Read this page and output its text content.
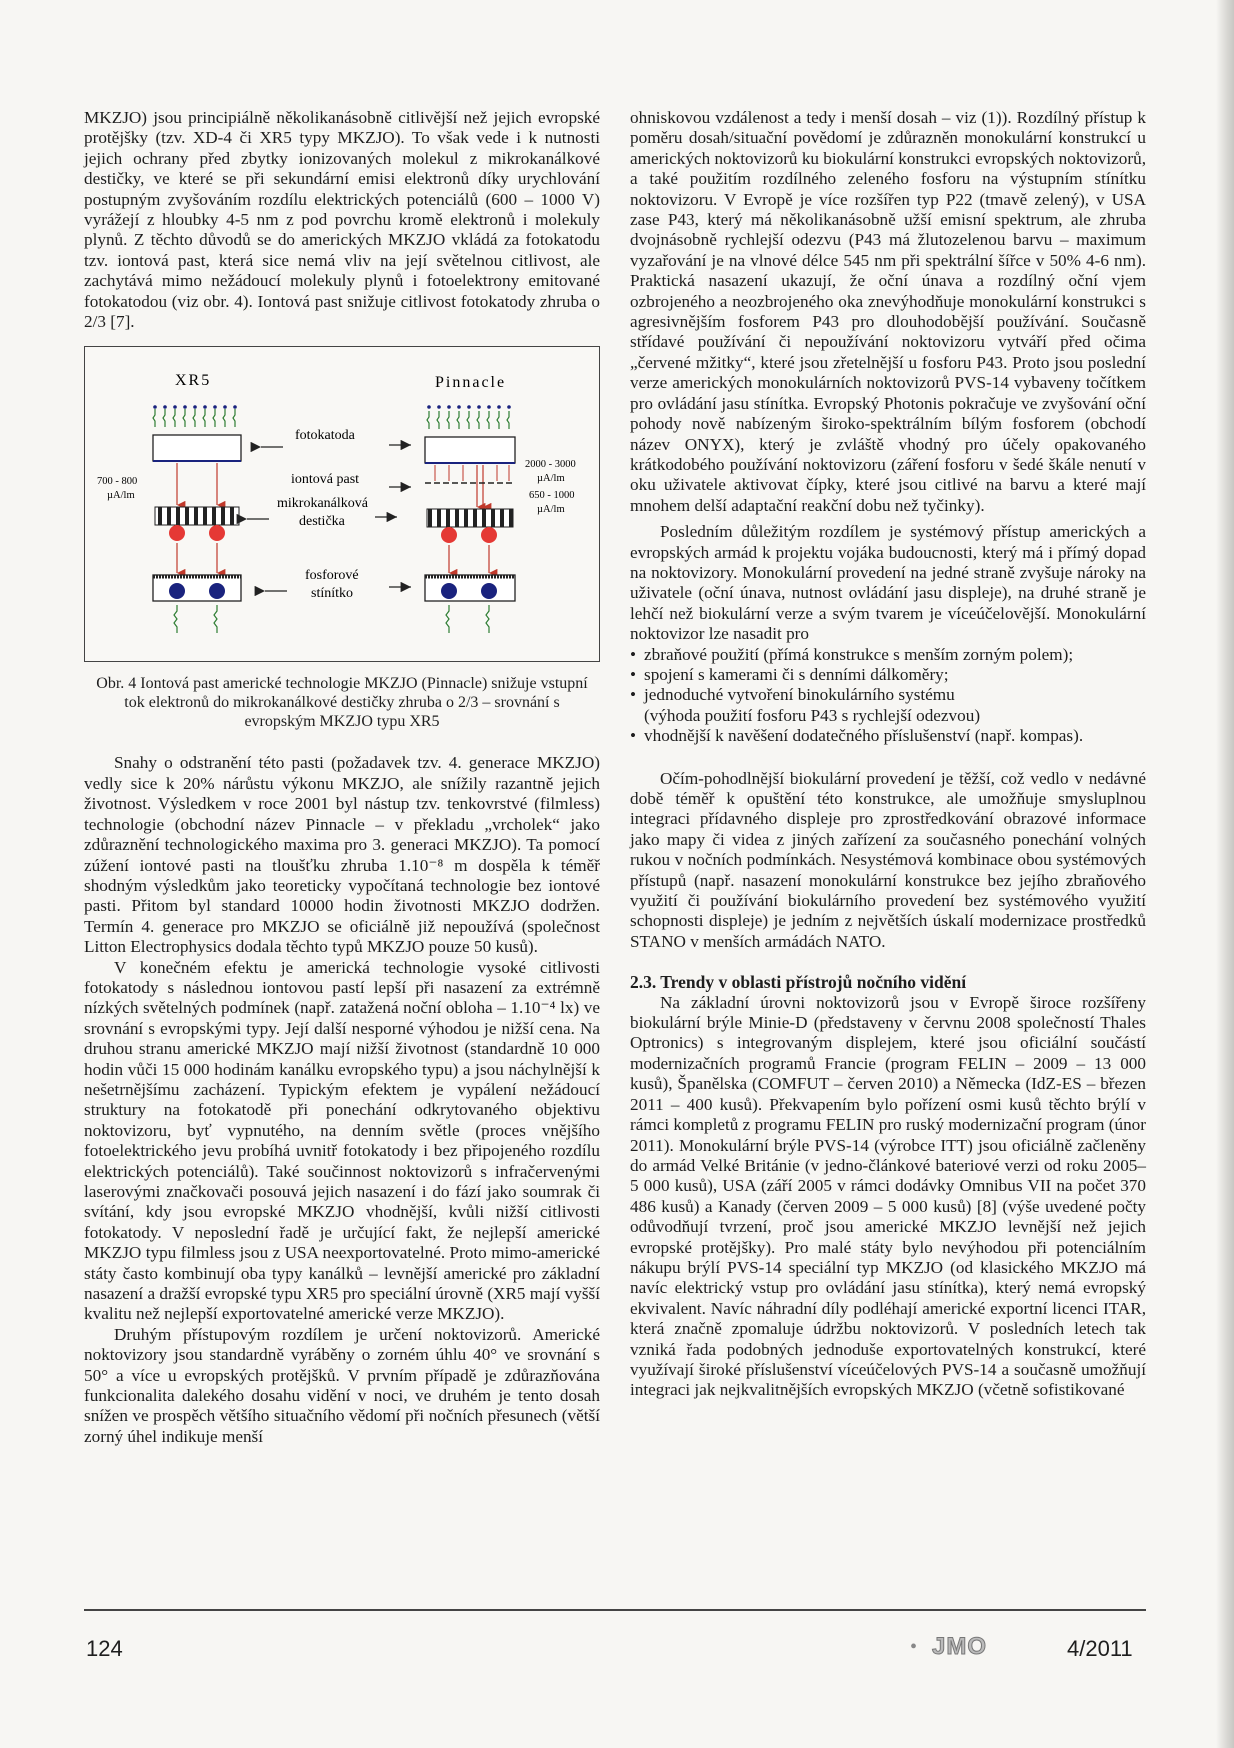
MKZJO) jsou principiálně několikanásobně citlivější než jejich evropské protějšky (tzv. XD-4 či XR5 typy MKZJO). To však vede i k nutnosti jejich ochrany před zbytky ionizovaných molekul z mikrokanálkové destičky, ve které se při sekundární emisi elektronů díky urychlování postupným zvyšováním rozdílu elektrických potenciálů (600 – 1000 V) vyrážejí z hloubky 4-5 nm z pod povrchu kromě elektronů i molekuly plynů. Z těchto důvodů se do amerických MKZJO vkládá za fotokatodu tzv. iontová past, která sice nemá vliv na její světelnou citlivost, ale zachytává mimo nežádoucí molekuly plynů i fotoelektrony emitované fotokatodou (viz obr. 4). Iontová past snižuje citlivost fotokatody zhruba o 2/3 [7].

XR5	Pinnacle
700 - 800
µA/lm
fotokatoda
iontová past
mikrokanálková
destička
fosforové
stínítko
2000 - 3000
µA/lm
650 - 1000
µA/lm
Obr. 4 Iontová past americké technologie MKZJO (Pinnacle) snižuje vstupní tok elektronů do mikrokanálkové destičky zhruba o 2/3 – srovnání s evropským MKZJO typu XR5

Snahy o odstranění této pasti (požadavek tzv. 4. generace MKZJO) vedly sice k 20% nárůstu výkonu MKZJO, ale snížily razantně jejich životnost. Výsledkem v roce 2001 byl nástup tzv. tenkovrstvé (filmless) technologie (obchodní název Pinnacle – v překladu „vrcholek“ jako zdůraznění technologického maxima pro 3. generaci MKZJO). Ta pomocí zúžení iontové pasti na tloušťku zhruba 1.10⁻⁸ m dospěla k téměř shodným výsledkům jako teoreticky vypočítaná technologie bez iontové pasti. Přitom byl standard 10000 hodin životnosti MKZJO dodržen. Termín 4. generace pro MKZJO se oficiálně již nepoužívá (společnost Litton Electrophysics dodala těchto typů MKZJO pouze 50 kusů).

V konečném efektu je americká technologie vysoké citlivosti fotokatody s následnou iontovou pastí lepší při nasazení za extrémně nízkých světelných podmínek (např. zatažená noční obloha – 1.10⁻⁴ lx) ve srovnání s evropskými typy. Její další nesporné výhodou je nižší cena. Na druhou stranu americké MKZJO mají nižší životnost (standardně 10 000 hodin vůči 15 000 hodinám kanálku evropského typu) a jsou náchylnější k nešetrnějšímu zacházení. Typickým efektem je vypálení nežádoucí struktury na fotokatodě při ponechání odkrytovaného objektivu noktovizoru, byť vypnutého, na denním světle (proces vnějšího fotoelektrického jevu probíhá uvnitř fotokatody i bez připojeného rozdílu elektrických potenciálů). Také součinnost noktovizorů s infračervenými laserovými značkovači posouvá jejich nasazení i do fází jako soumrak či svítání, kdy jsou evropské MKZJO vhodnější, kvůli nižší citlivosti fotokatody. V neposlední řadě je určující fakt, že nejlepší americké MKZJO typu filmless jsou z USA neexportovatelné. Proto mimo-americké státy často kombinují oba typy kanálků – levnější americké pro základní nasazení a dražší evropské typu XR5 pro speciální úrovně (XR5 mají vyšší kvalitu než nejlepší exportovatelné americké verze MKZJO).

Druhým přístupovým rozdílem je určení noktovizorů. Americké noktovizory jsou standardně vyráběny o zorném úhlu 40° ve srovnání s 50° a více u evropských protějšků. V prvním případě je zdůrazňována funkcionalita dalekého dosahu vidění v noci, ve druhém je tento dosah snížen ve prospěch většího situačního vědomí při nočních přesunech (větší zorný úhel indikuje menší

ohniskovou vzdálenost a tedy i menší dosah – viz (1)). Rozdílný přístup k poměru dosah/situační povědomí je zdůrazněn monokulární konstrukcí u amerických noktovizorů ku biokulární konstrukci evropských noktovizorů, a také použitím rozdílného zeleného fosforu na výstupním stínítku noktovizoru. V Evropě je více rozšířen typ P22 (tmavě zelený), v USA zase P43, který má několikanásobně užší emisní spektrum, ale zhruba dvojnásobně rychlejší odezvu (P43 má žlutozelenou barvu – maximum vyzařování je na vlnové délce 545 nm při spektrální šířce v 50% 4-6 nm). Praktická nasazení ukazují, že oční únava a rozdílný oční vjem ozbrojeného a neozbrojeného oka znevýhodňuje monokulární konstrukci s agresivnějším fosforem P43 pro dlouhodobější používání. Současně střídavé používání či nepoužívání noktovizoru vytváří před očima „červené mžitky“, které jsou zřetelnější u fosforu P43. Proto jsou poslední verze amerických monokulárních noktovizorů PVS-14 vybaveny točítkem pro ovládání jasu stínítka. Evropský Photonis pokračuje ve zvyšování oční pohody nově nabízeným široko-spektrálním bílým fosforem (obchodí název ONYX), který je zvláště vhodný pro účely opakovaného krátkodobého používání noktovizoru (záření fosforu v šedé škále nenutí v oku uživatele aktivovat čípky, které jsou citlivé na barvu a které mají mnohem delší adaptační reakční dobu než tyčinky).

Posledním důležitým rozdílem je systémový přístup amerických a evropských armád k projektu vojáka budoucnosti, který má i přímý dopad na noktovizory. Monokulární provedení na jedné straně zvyšuje nároky na uživatele (oční únava, nutnost ovládání jasu displeje), na druhé straně je lehčí než biokulární verze a svým tvarem je víceúčelovější. Monokulární noktovizor lze nasadit pro

• zbraňové použití (přímá konstrukce s menším zorným polem);
• spojení s kamerami či s denními dálkoměry;
• jednoduché vytvoření binokulárního systému
(výhoda použití fosforu P43 s rychlejší odezvou)
• vhodnější k navěšení dodatečného příslušenství (např. kompas).

Očím-pohodlnější biokulární provedení je těžší, což vedlo v nedávné době téměř k opuštění této konstrukce, ale umožňuje smysluplnou integraci přídavného displeje pro zprostředkování obrazové informace jako mapy či videa z jiných zařízení za současného ponechání volných rukou v nočních podmínkách. Nesystémová kombinace obou systémových přístupů (např. nasazení monokulární konstrukce bez jejího zbraňového využití či používání biokulárního provedení bez systémového využití schopnosti displeje) je jedním z největších úskalí modernizace prostředků STANO v menších armádách NATO.

2.3. Trendy v oblasti přístrojů nočního vidění

Na základní úrovni noktovizorů jsou v Evropě široce rozšířeny biokulární brýle Minie-D (představeny v červnu 2008 společností Thales Optronics) s integrovaným displejem, které jsou oficiální součástí modernizačních programů Francie (program FELIN – 2009 – 13 000 kusů), Španělska (COMFUT – červen 2010) a Německa (IdZ-ES – březen 2011 – 400 kusů). Překvapením bylo pořízení osmi kusů těchto brýlí v rámci kompletů z programu FELIN pro ruský modernizační program (únor 2011). Monokulární brýle PVS-14 (výrobce ITT) jsou oficiálně začleněny do armád Velké Británie (v jedno-článkové bateriové verzi od roku 2005– 5 000 kusů), USA (září 2005 v rámci dodávky Omnibus VII na počet 370 486 kusů) a Kanady (červen 2009 – 5 000 kusů) [8] (výše uvedené počty odůvodňují tvrzení, proč jsou americké MKZJO levnější než jejich evropské protějšky). Pro malé státy bylo nevýhodou při potenciálním nákupu brýlí PVS-14 speciální typ MKZJO (od klasického MKZJO má navíc elektrický vstup pro ovládání jasu stínítka), který nemá evropský ekvivalent. Navíc náhradní díly podléhají americké exportní licenci ITAR, která značně zpomaluje údržbu noktovizorů. V posledních letech tak vzniká řada podobných jednoduše exportovatelných konstrukcí, které využívají široké příslušenství víceúčelových PVS-14 a současně umožňují integraci jak nejkvalitnějších evropských MKZJO (včetně sofistikované

124	• JMO	4/2011
